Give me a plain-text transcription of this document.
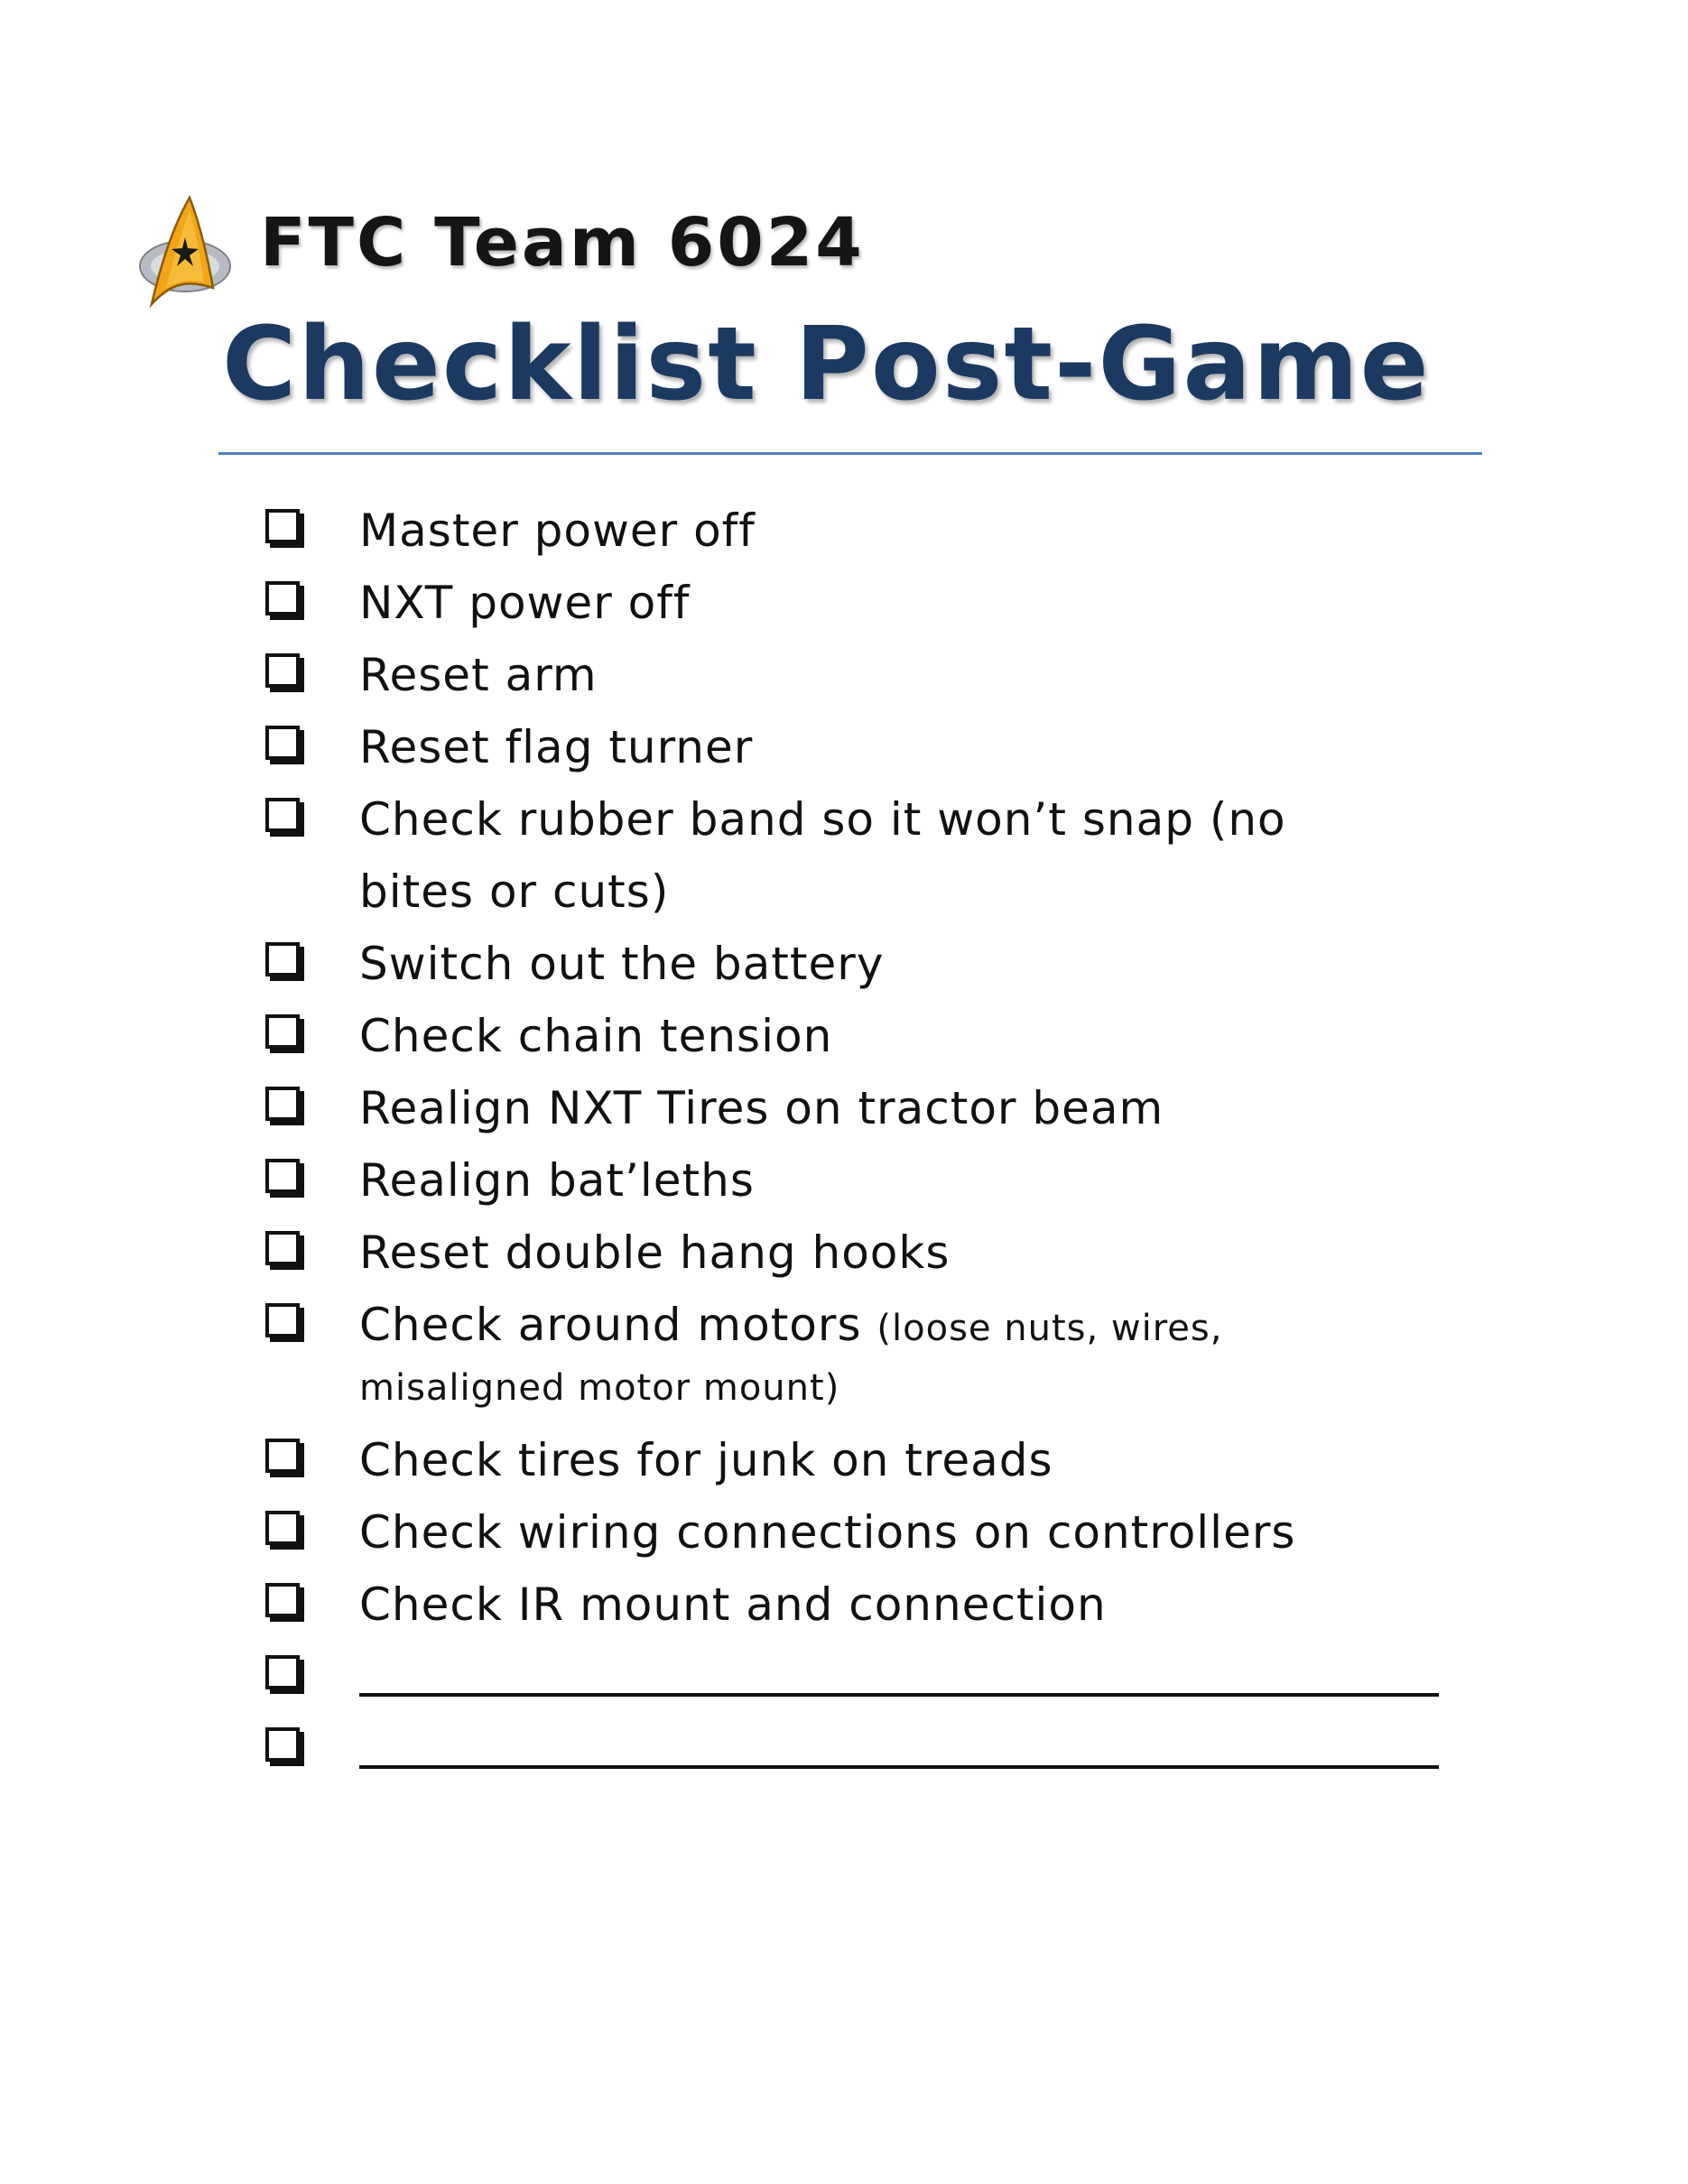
FTC Team 6024
Checklist Post-Game
Master power off
NXT power off
Reset arm
Reset flag turner
Check rubber band so it won’t snap (no
bites or cuts)
Switch out the battery
Check chain tension
Realign NXT Tires on tractor beam
Realign bat’leths
Reset double hang hooks
Check around motors (loose nuts, wires,
misaligned motor mount)
Check tires for junk on treads
Check wiring connections on controllers
Check IR mount and connection
